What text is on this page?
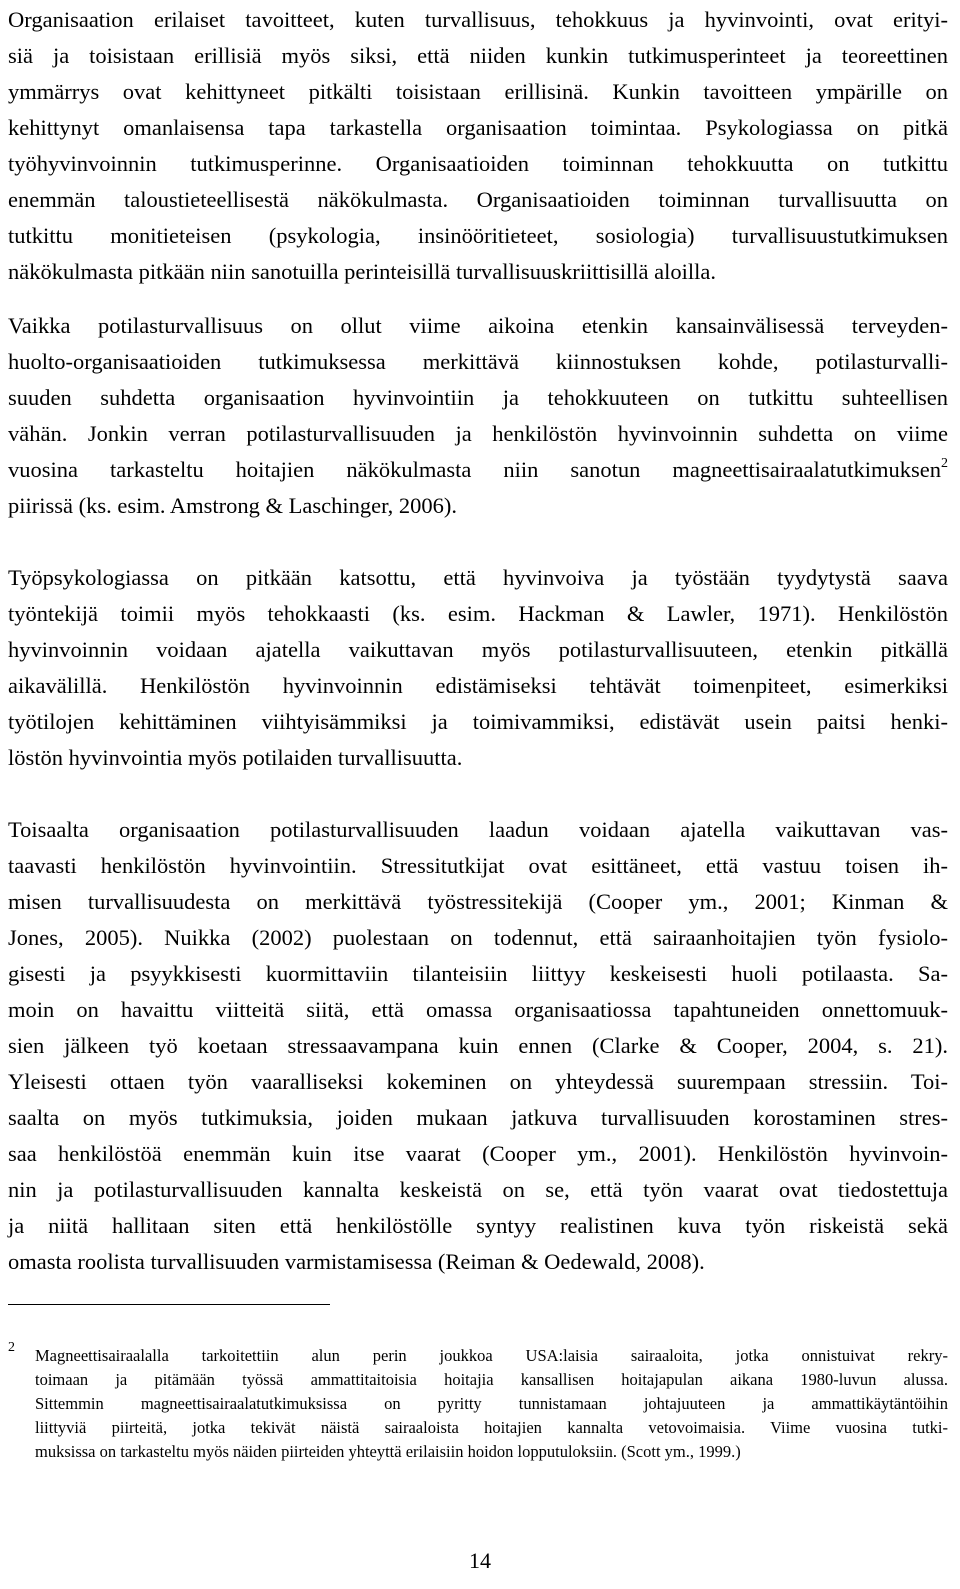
Organisaation erilaiset tavoitteet, kuten turvallisuus, tehokkuus ja hyvinvointi, ovat erityi-
siä ja toisistaan erillisiä myös siksi, että niiden kunkin tutkimusperinteet ja teoreettinen
ymmärrys ovat kehittyneet pitkälti toisistaan erillisinä. Kunkin tavoitteen ympärille on
kehittynyt omanlaisensa tapa tarkastella organisaation toimintaa. Psykologiassa on pitkä
työhyvinvoinnin tutkimusperinne. Organisaatioiden toiminnan tehokkuutta on tutkittu
enemmän taloustieteellisestä näkökulmasta. Organisaatioiden toiminnan turvallisuutta on
tutkittu monitieteisen (psykologia, insinööritieteet, sosiologia) turvallisuustutkimuksen
näkökulmasta pitkään niin sanotuilla perinteisillä turvallisuuskriittisillä aloilla.
Vaikka potilasturvallisuus on ollut viime aikoina etenkin kansainvälisessä terveyden-
huolto-organisaatioiden tutkimuksessa merkittävä kiinnostuksen kohde, potilasturvalli-
suuden suhdetta organisaation hyvinvointiin ja tehokkuuteen on tutkittu suhteellisen
vähän. Jonkin verran potilasturvallisuuden ja henkilöstön hyvinvoinnin suhdetta on viime
vuosina tarkasteltu hoitajien näkökulmasta niin sanotun magneettisairaalatutkimuksen$^2$
piirissä (ks. esim. Amstrong & Laschinger, 2006).
Työpsykologiassa on pitkään katsottu, että hyvinvoiva ja työstään tyydytystä saava
työntekijä toimii myös tehokkaasti (ks. esim. Hackman & Lawler, 1971). Henkilöstön
hyvinvoinnin voidaan ajatella vaikuttavan myös potilasturvallisuuteen, etenkin pitkällä
aikavälillä. Henkilöstön hyvinvoinnin edistämiseksi tehtävät toimenpiteet, esimerkiksi
työtilojen kehittäminen viihtyisämmiksi ja toimivammiksi, edistävät usein paitsi henki-
löstön hyvinvointia myös potilaiden turvallisuutta.
Toisaalta organisaation potilasturvallisuuden laadun voidaan ajatella vaikuttavan vas-
taavasti henkilöstön hyvinvointiin. Stressitutkijat ovat esittäneet, että vastuu toisen ih-
misen turvallisuudesta on merkittävä työstressitekijä (Cooper ym., 2001; Kinman &
Jones, 2005). Nuikka (2002) puolestaan on todennut, että sairaanhoitajien työn fysiolo-
gisesti ja psyykkisesti kuormittaviin tilanteisiin liittyy keskeisesti huoli potilaasta. Sa-
moin on havaittu viitteitä siitä, että omassa organisaatiossa tapahtuneiden onnettomuuk-
sien jälkeen työ koetaan stressaavampana kuin ennen (Clarke & Cooper, 2004, s. 21).
Yleisesti ottaen työn vaaralliseksi kokeminen on yhteydessä suurempaan stressiin. Toi-
saalta on myös tutkimuksia, joiden mukaan jatkuva turvallisuuden korostaminen stres-
saa henkilöstöä enemmän kuin itse vaarat (Cooper ym., 2001). Henkilöstön hyvinvoin-
nin ja potilasturvallisuuden kannalta keskeistä on se, että työn vaarat ovat tiedostettuja
ja niitä hallitaan siten että henkilöstölle syntyy realistinen kuva työn riskeistä sekä
omasta roolista turvallisuuden varmistamisessa (Reiman & Oedewald, 2008).
2 Magneettisairaalalla tarkoitettiin alun perin joukkoa USA:laisia sairaaloita, jotka onnistuivat rekry-
toimaan ja pitämään työssä ammattitaitoisia hoitajia kansallisen hoitajapulan aikana 1980-luvun alussa.
Sittemmin magneettisairaalatutkimuksissa on pyritty tunnistamaan johtajuuteen ja ammattikäytäntöihin
liittyviä piirteitä, jotka tekivät näistä sairaaloista hoitajien kannalta vetovoimaisia. Viime vuosina tutki-
muksissa on tarkasteltu myös näiden piirteiden yhteyttä erilaisiin hoidon lopputuloksiin. (Scott ym., 1999.)
14
